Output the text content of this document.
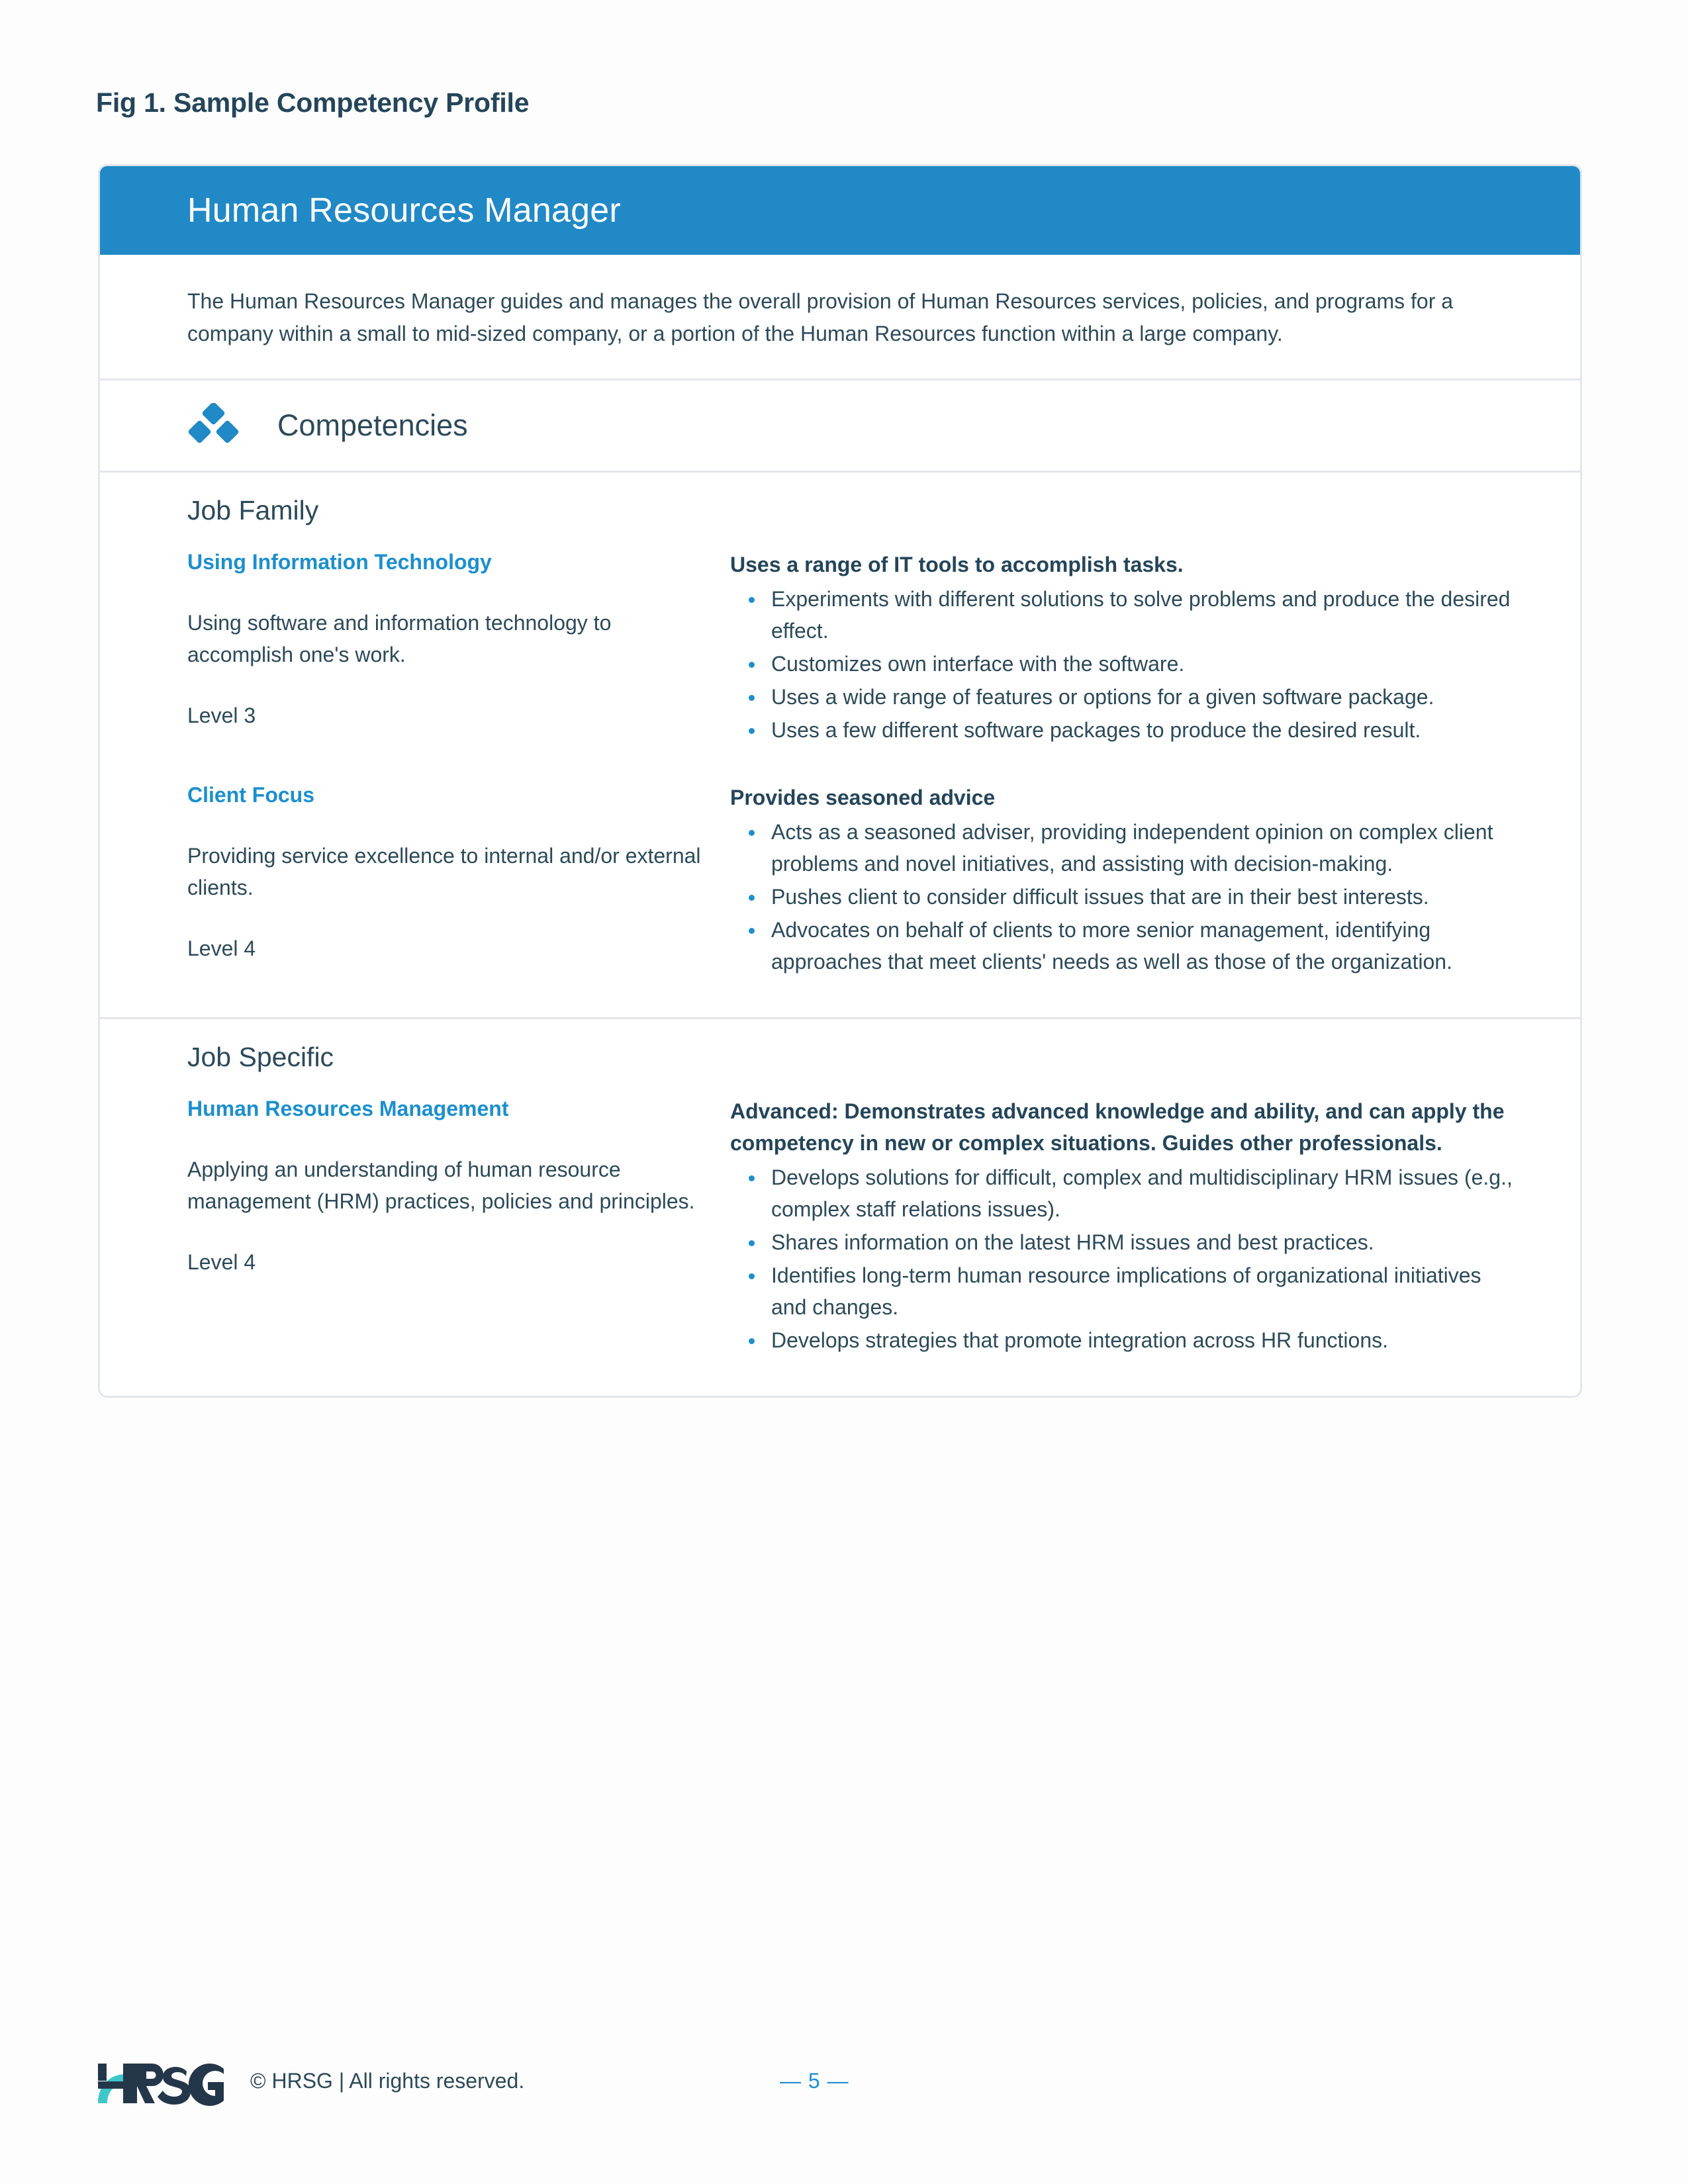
Fig 1. Sample Competency Profile
Human Resources Manager

The Human Resources Manager guides and manages the overall provision of Human Resources services, policies, and programs for a company within a small to mid-sized company, or a portion of the Human Resources function within a large company.

Competencies
Job Family
Using Information Technology
Using software and information technology to accomplish one's work.
Level 3
Uses a range of IT tools to accomplish tasks.
Experiments with different solutions to solve problems and produce the desired effect.
Customizes own interface with the software.
Uses a wide range of features or options for a given software package.
Uses a few different software packages to produce the desired result.
Client Focus
Providing service excellence to internal and/or external clients.
Level 4
Provides seasoned advice
Acts as a seasoned adviser, providing independent opinion on complex client problems and novel initiatives, and assisting with decision-making.
Pushes client to consider difficult issues that are in their best interests.
Advocates on behalf of clients to more senior management, identifying approaches that meet clients' needs as well as those of the organization.
Job Specific
Human Resources Management
Applying an understanding of human resource management (HRM) practices, policies and principles.
Level 4
Advanced: Demonstrates advanced knowledge and ability, and can apply the competency in new or complex situations. Guides other professionals.
Develops solutions for difficult, complex and multidisciplinary HRM issues (e.g., complex staff relations issues).
Shares information on the latest HRM issues and best practices.
Identifies long-term human resource implications of organizational initiatives and changes.
Develops strategies that promote integration across HR functions.
© HRSG | All rights reserved.	— 5 —
